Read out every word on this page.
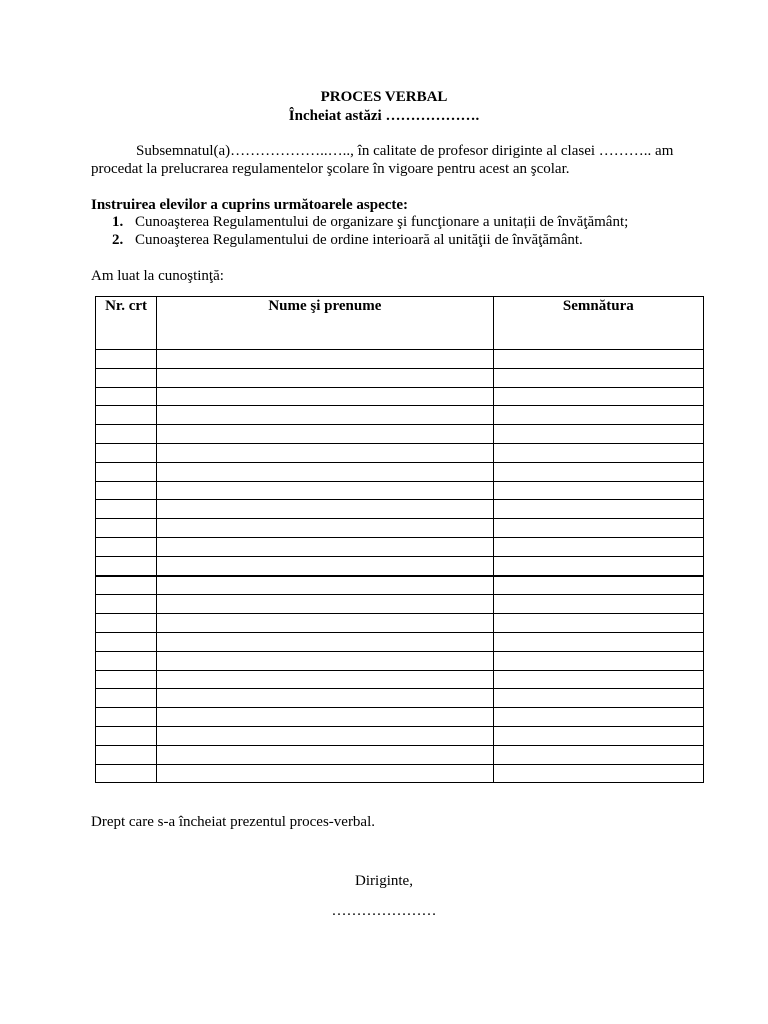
PROCES VERBAL
Încheiat astăzi ……………….
Subsemnatul(a)………………..….., în calitate de profesor diriginte al clasei ……….. am
procedat la prelucrarea regulamentelor şcolare în vigoare pentru acest an şcolar.
Instruirea elevilor a cuprins următoarele aspecte:
1. Cunoaşterea Regulamentului de organizare şi funcţionare a unitații de învăţământ;
2. Cunoaşterea Regulamentului de ordine interioară al unităţii de învăţământ.
Am luat la cunoştinţă:
Nr. crt	Nume şi prenume	Semnătura

Drept care s-a încheiat prezentul proces-verbal.
Diriginte,
…………………
